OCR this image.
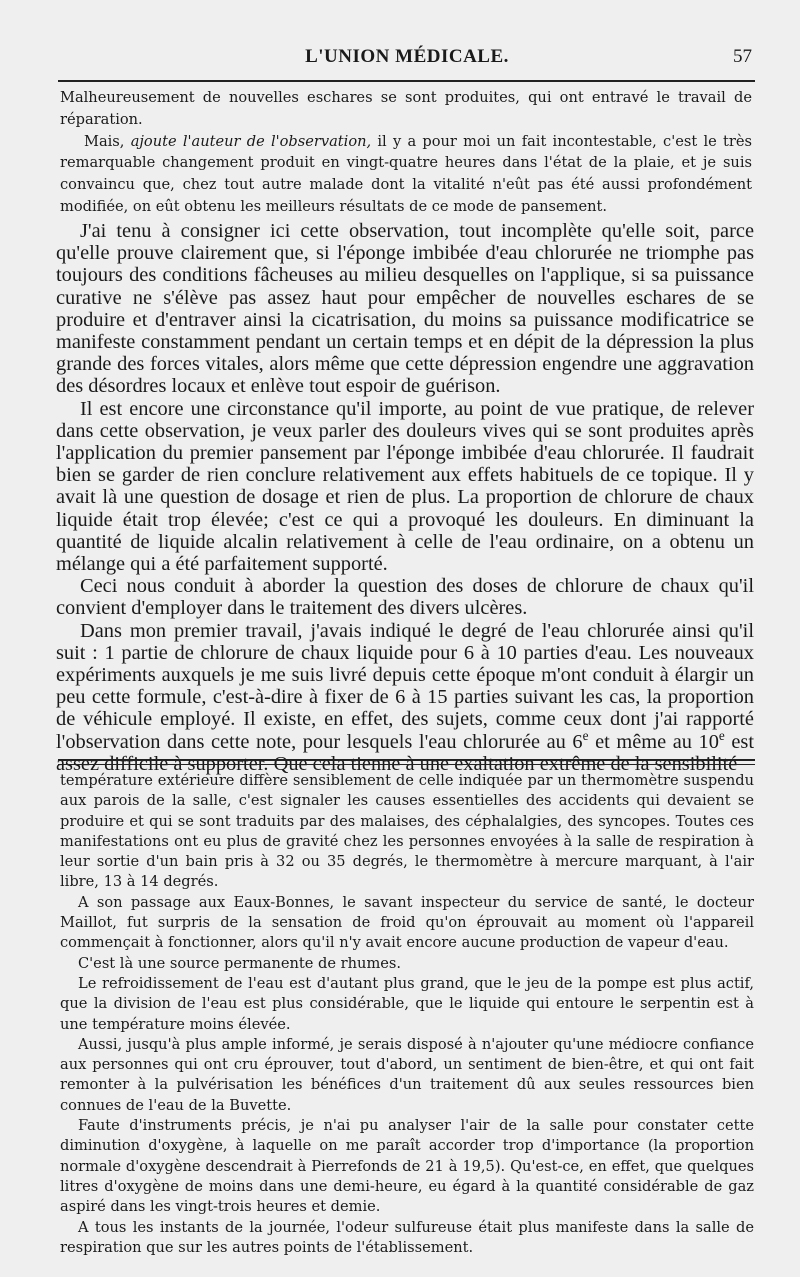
L'UNION MÉDICALE.	57

Malheureusement de nouvelles eschares se sont produites, qui ont entravé le travail de réparation.

Mais, ajoute l'auteur de l'observation, il y a pour moi un fait incontestable, c'est le très remarquable changement produit en vingt-quatre heures dans l'état de la plaie, et je suis convaincu que, chez tout autre malade dont la vitalité n'eût pas été aussi profondément modifiée, on eût obtenu les meilleurs résultats de ce mode de pansement.

J'ai tenu à consigner ici cette observation, tout incomplète qu'elle soit, parce qu'elle prouve clairement que, si l'éponge imbibée d'eau chlorurée ne triomphe pas toujours des conditions fâcheuses au milieu desquelles on l'applique, si sa puissance curative ne s'élève pas assez haut pour empêcher de nouvelles eschares de se produire et d'entraver ainsi la cicatrisation, du moins sa puissance modificatrice se manifeste constamment pendant un certain temps et en dépit de la dépression la plus grande des forces vitales, alors même que cette dépression engendre une aggravation des désordres locaux et enlève tout espoir de guérison.

Il est encore une circonstance qu'il importe, au point de vue pratique, de relever dans cette observation, je veux parler des douleurs vives qui se sont produites après l'application du premier pansement par l'éponge imbibée d'eau chlorurée. Il faudrait bien se garder de rien conclure relativement aux effets habituels de ce topique. Il y avait là une question de dosage et rien de plus. La proportion de chlorure de chaux liquide était trop élevée; c'est ce qui a provoqué les douleurs. En diminuant la quantité de liquide alcalin relativement à celle de l'eau ordinaire, on a obtenu un mélange qui a été parfaitement supporté.

Ceci nous conduit à aborder la question des doses de chlorure de chaux qu'il convient d'employer dans le traitement des divers ulcères.

Dans mon premier travail, j'avais indiqué le degré de l'eau chlorurée ainsi qu'il suit : 1 partie de chlorure de chaux liquide pour 6 à 10 parties d'eau. Les nouveaux expériments auxquels je me suis livré depuis cette époque m'ont conduit à élargir un peu cette formule, c'est-à-dire à fixer de 6 à 15 parties suivant les cas, la proportion de véhicule employé. Il existe, en effet, des sujets, comme ceux dont j'ai rapporté l'observation dans cette note, pour lesquels l'eau chlorurée au 6e et même au 10e est assez difficile à supporter. Que cela tienne à une exaltation extrême de la sensibilité

température extérieure diffère sensiblement de celle indiquée par un thermomètre suspendu aux parois de la salle, c'est signaler les causes essentielles des accidents qui devaient se produire et qui se sont traduits par des malaises, des céphalalgies, des syncopes. Toutes ces manifestations ont eu plus de gravité chez les personnes envoyées à la salle de respiration à leur sortie d'un bain pris à 32 ou 35 degrés, le thermomètre à mercure marquant, à l'air libre, 13 à 14 degrés.

A son passage aux Eaux-Bonnes, le savant inspecteur du service de santé, le docteur Maillot, fut surpris de la sensation de froid qu'on éprouvait au moment où l'appareil commençait à fonctionner, alors qu'il n'y avait encore aucune production de vapeur d'eau.

C'est là une source permanente de rhumes.

Le refroidissement de l'eau est d'autant plus grand, que le jeu de la pompe est plus actif, que la division de l'eau est plus considérable, que le liquide qui entoure le serpentin est à une température moins élevée.

Aussi, jusqu'à plus ample informé, je serais disposé à n'ajouter qu'une médiocre confiance aux personnes qui ont cru éprouver, tout d'abord, un sentiment de bien-être, et qui ont fait remonter à la pulvérisation les bénéfices d'un traitement dû aux seules ressources bien connues de l'eau de la Buvette.

Faute d'instruments précis, je n'ai pu analyser l'air de la salle pour constater cette diminution d'oxygène, à laquelle on me paraît accorder trop d'importance (la proportion normale d'oxygène descendrait à Pierrefonds de 21 à 19,5). Qu'est-ce, en effet, que quelques litres d'oxygène de moins dans une demi-heure, eu égard à la quantité considérable de gaz aspiré dans les vingt-trois heures et demie.

A tous les instants de la journée, l'odeur sulfureuse était plus manifeste dans la salle de respiration que sur les autres points de l'établissement.
